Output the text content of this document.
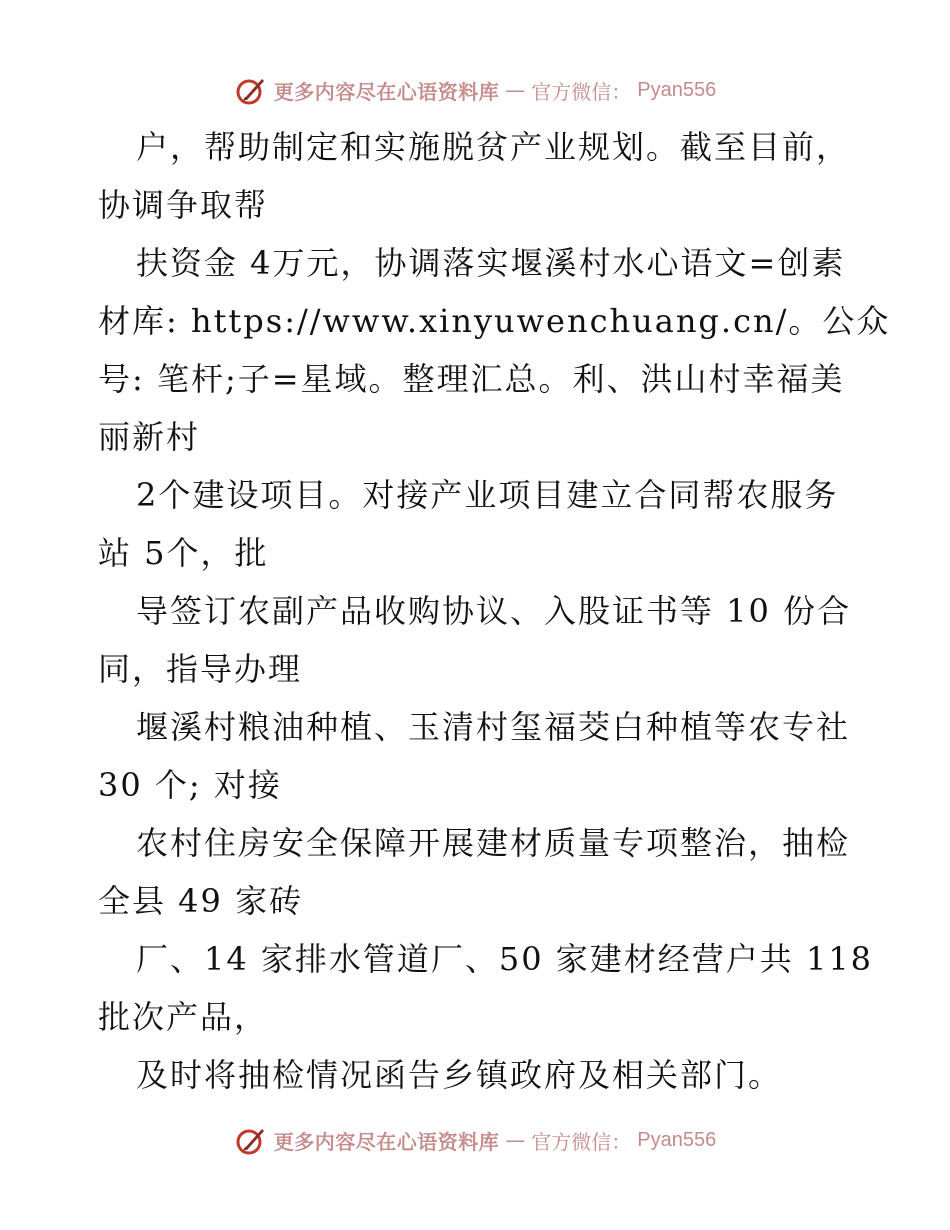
更多内容尽在心语资料库 — 官方微信： Pyan556
户，帮助制定和实施脱贫产业规划。截至目前，
协调争取帮
扶资金 4万元，协调落实堰溪村水心语文=创素
材库: https://www.xinyuwenchuang.cn/。公众
号: 笔杆;子=星域。整理汇总。利、洪山村幸福美
丽新村
2个建设项目。对接产业项目建立合同帮农服务
站 5个，批
导签订农副产品收购协议、入股证书等 10 份合
同，指导办理
堰溪村粮油种植、玉清村玺福茭白种植等农专社
30 个; 对接
农村住房安全保障开展建材质量专项整治，抽检
全县 49 家砖
厂、14 家排水管道厂、50 家建材经营户共 118
批次产品，
及时将抽检情况函告乡镇政府及相关部门。
更多内容尽在心语资料库 — 官方微信： Pyan556
